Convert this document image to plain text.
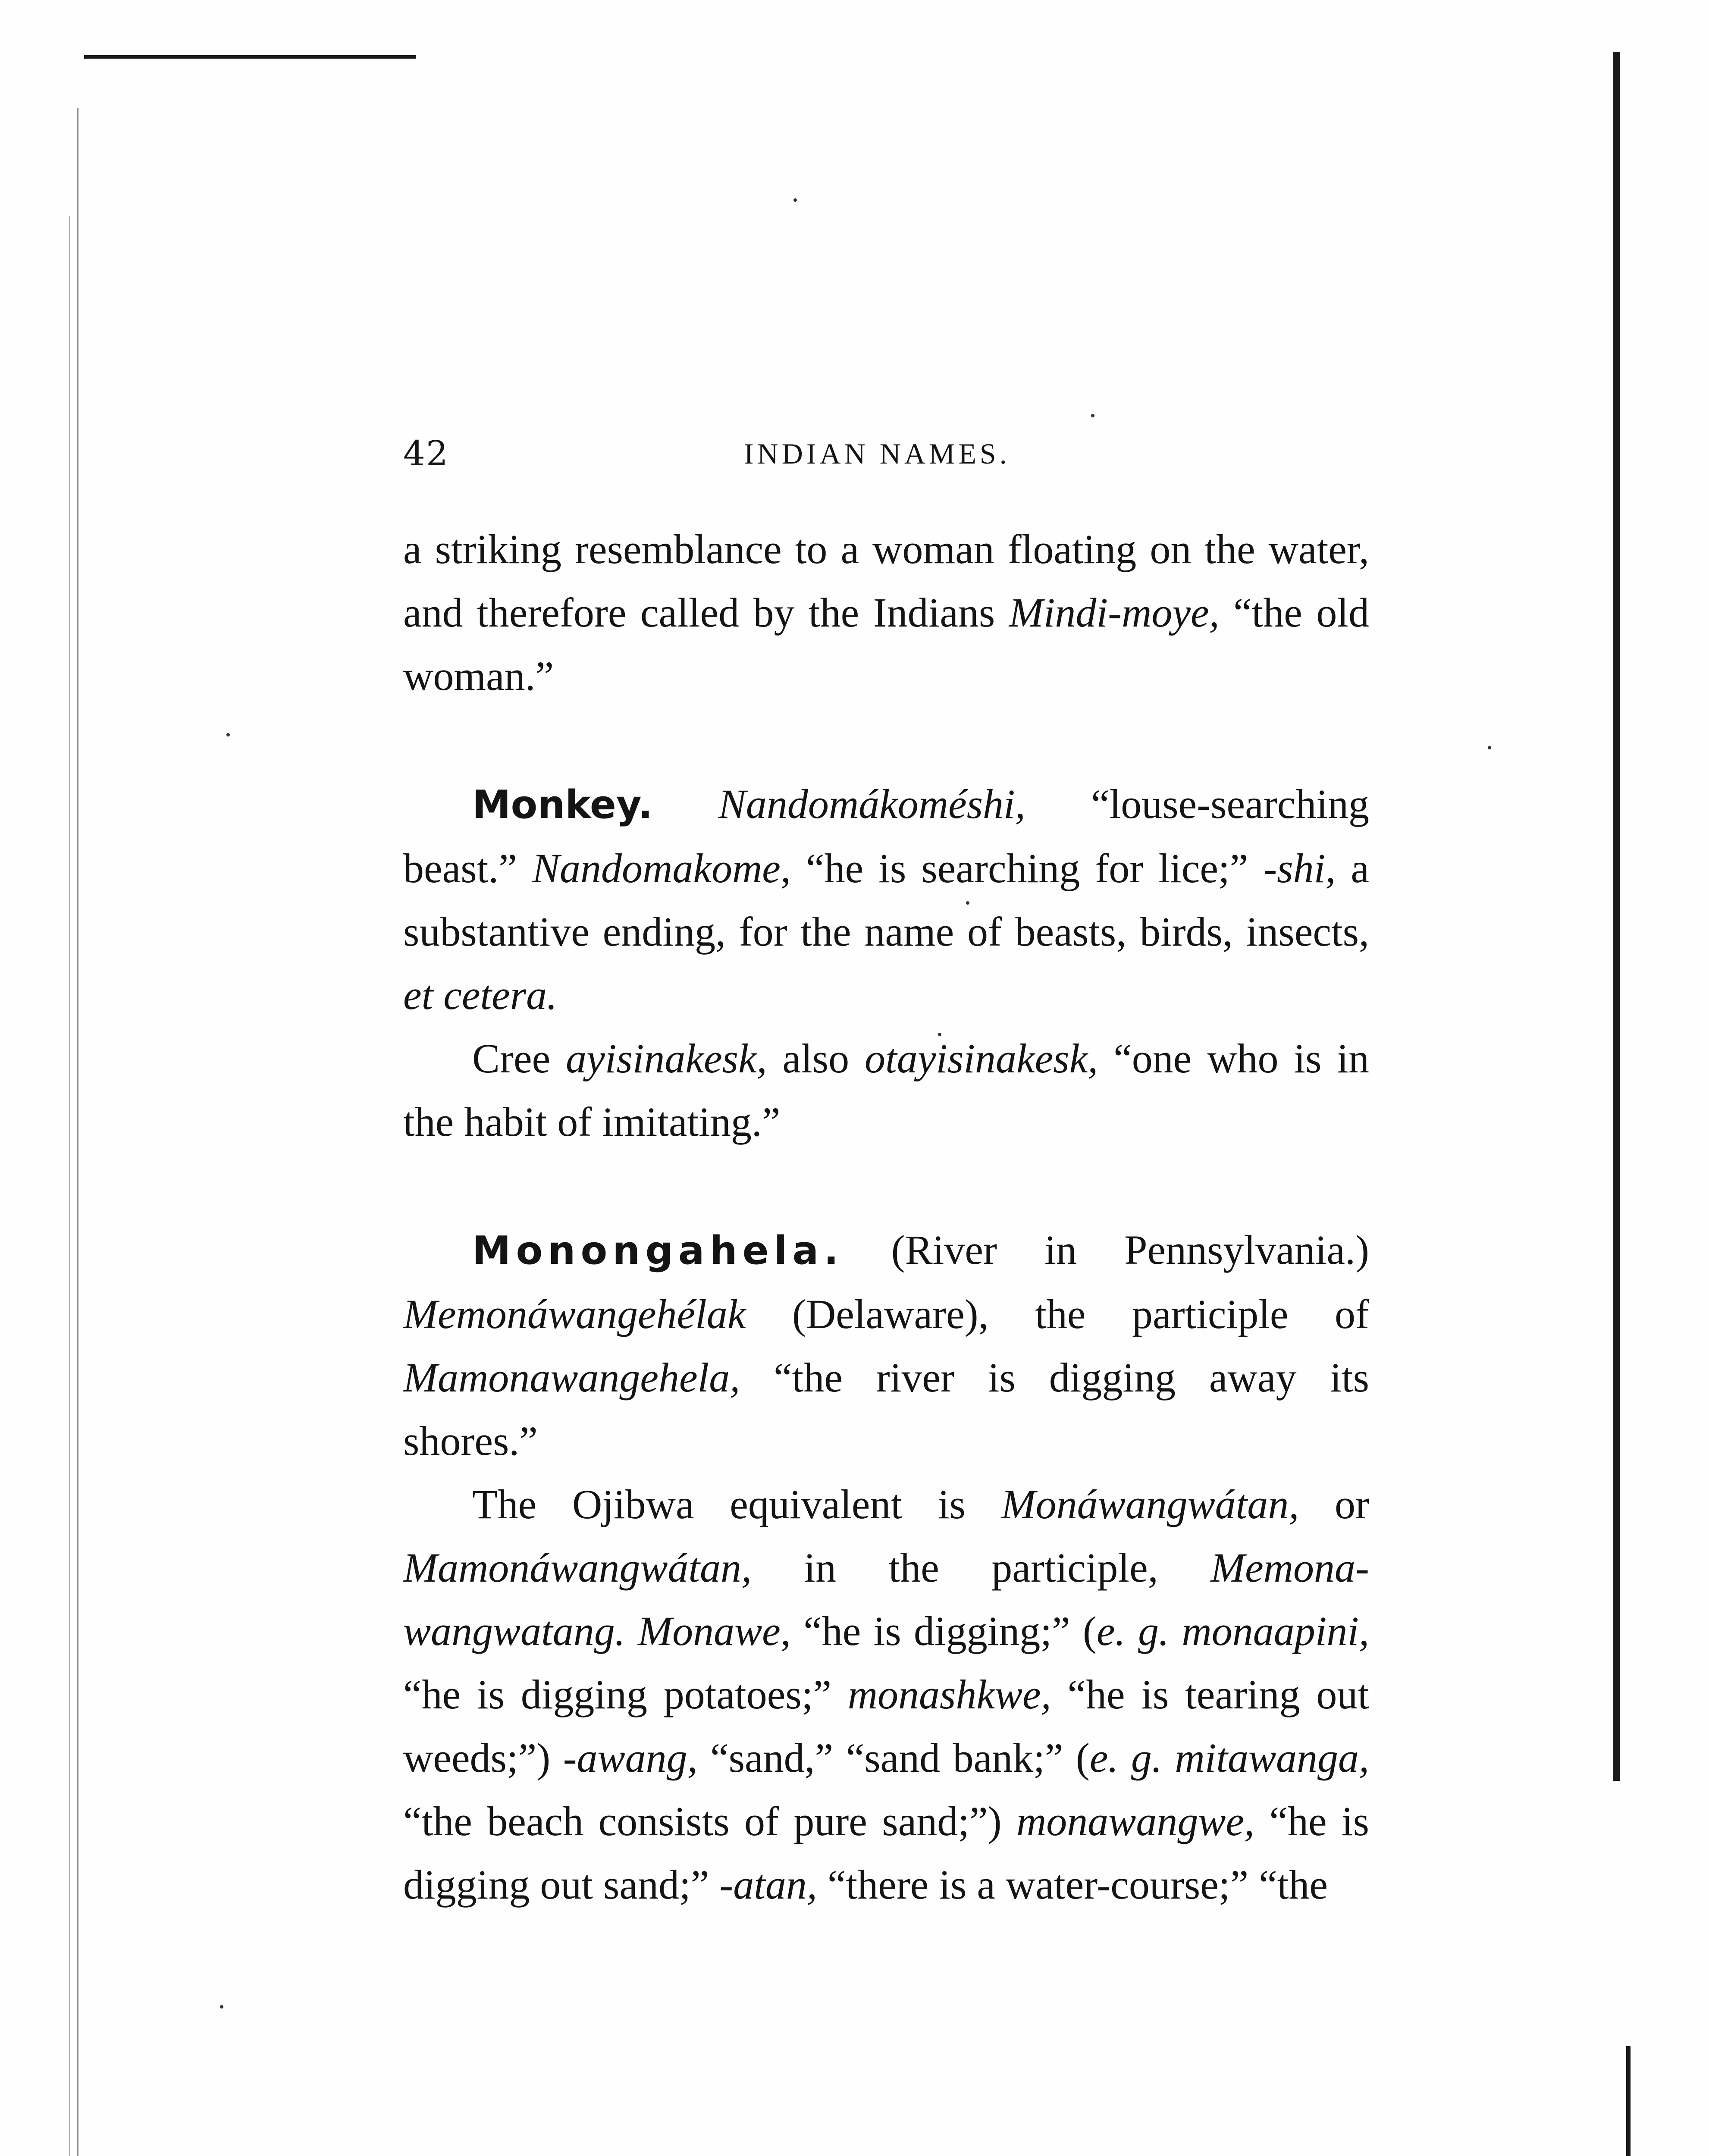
42	INDIAN NAMES.

a striking resemblance to a woman floating on the water, and therefore called by the Indians Mindi-moye, “the old woman.”

Monkey. Nandomákoméshi, “louse-searching beast.” Nandomakome, “he is searching for lice;” -shi, a substantive ending, for the name of beasts, birds, insects, et cetera.

Cree ayisinakesk, also otayisinakesk, “one who is in the habit of imitating.”

Monongahela. (River in Pennsylvania.) Memonáwangehélak (Delaware), the participle of Mamonawangehela, “the river is digging away its shores.”

The Ojibwa equivalent is Monáwangwátan, or Mamonáwangwátan, in the participle, Memona-wangwatang. Monawe, “he is digging;” (e. g. monaapini, “he is digging potatoes;” monashkwe, “he is tearing out weeds;”) -awang, “sand,” “sand bank;” (e. g. mitawanga, “the beach consists of pure sand;”) monawangwe, “he is digging out sand;” -atan, “there is a water-course;” “the
